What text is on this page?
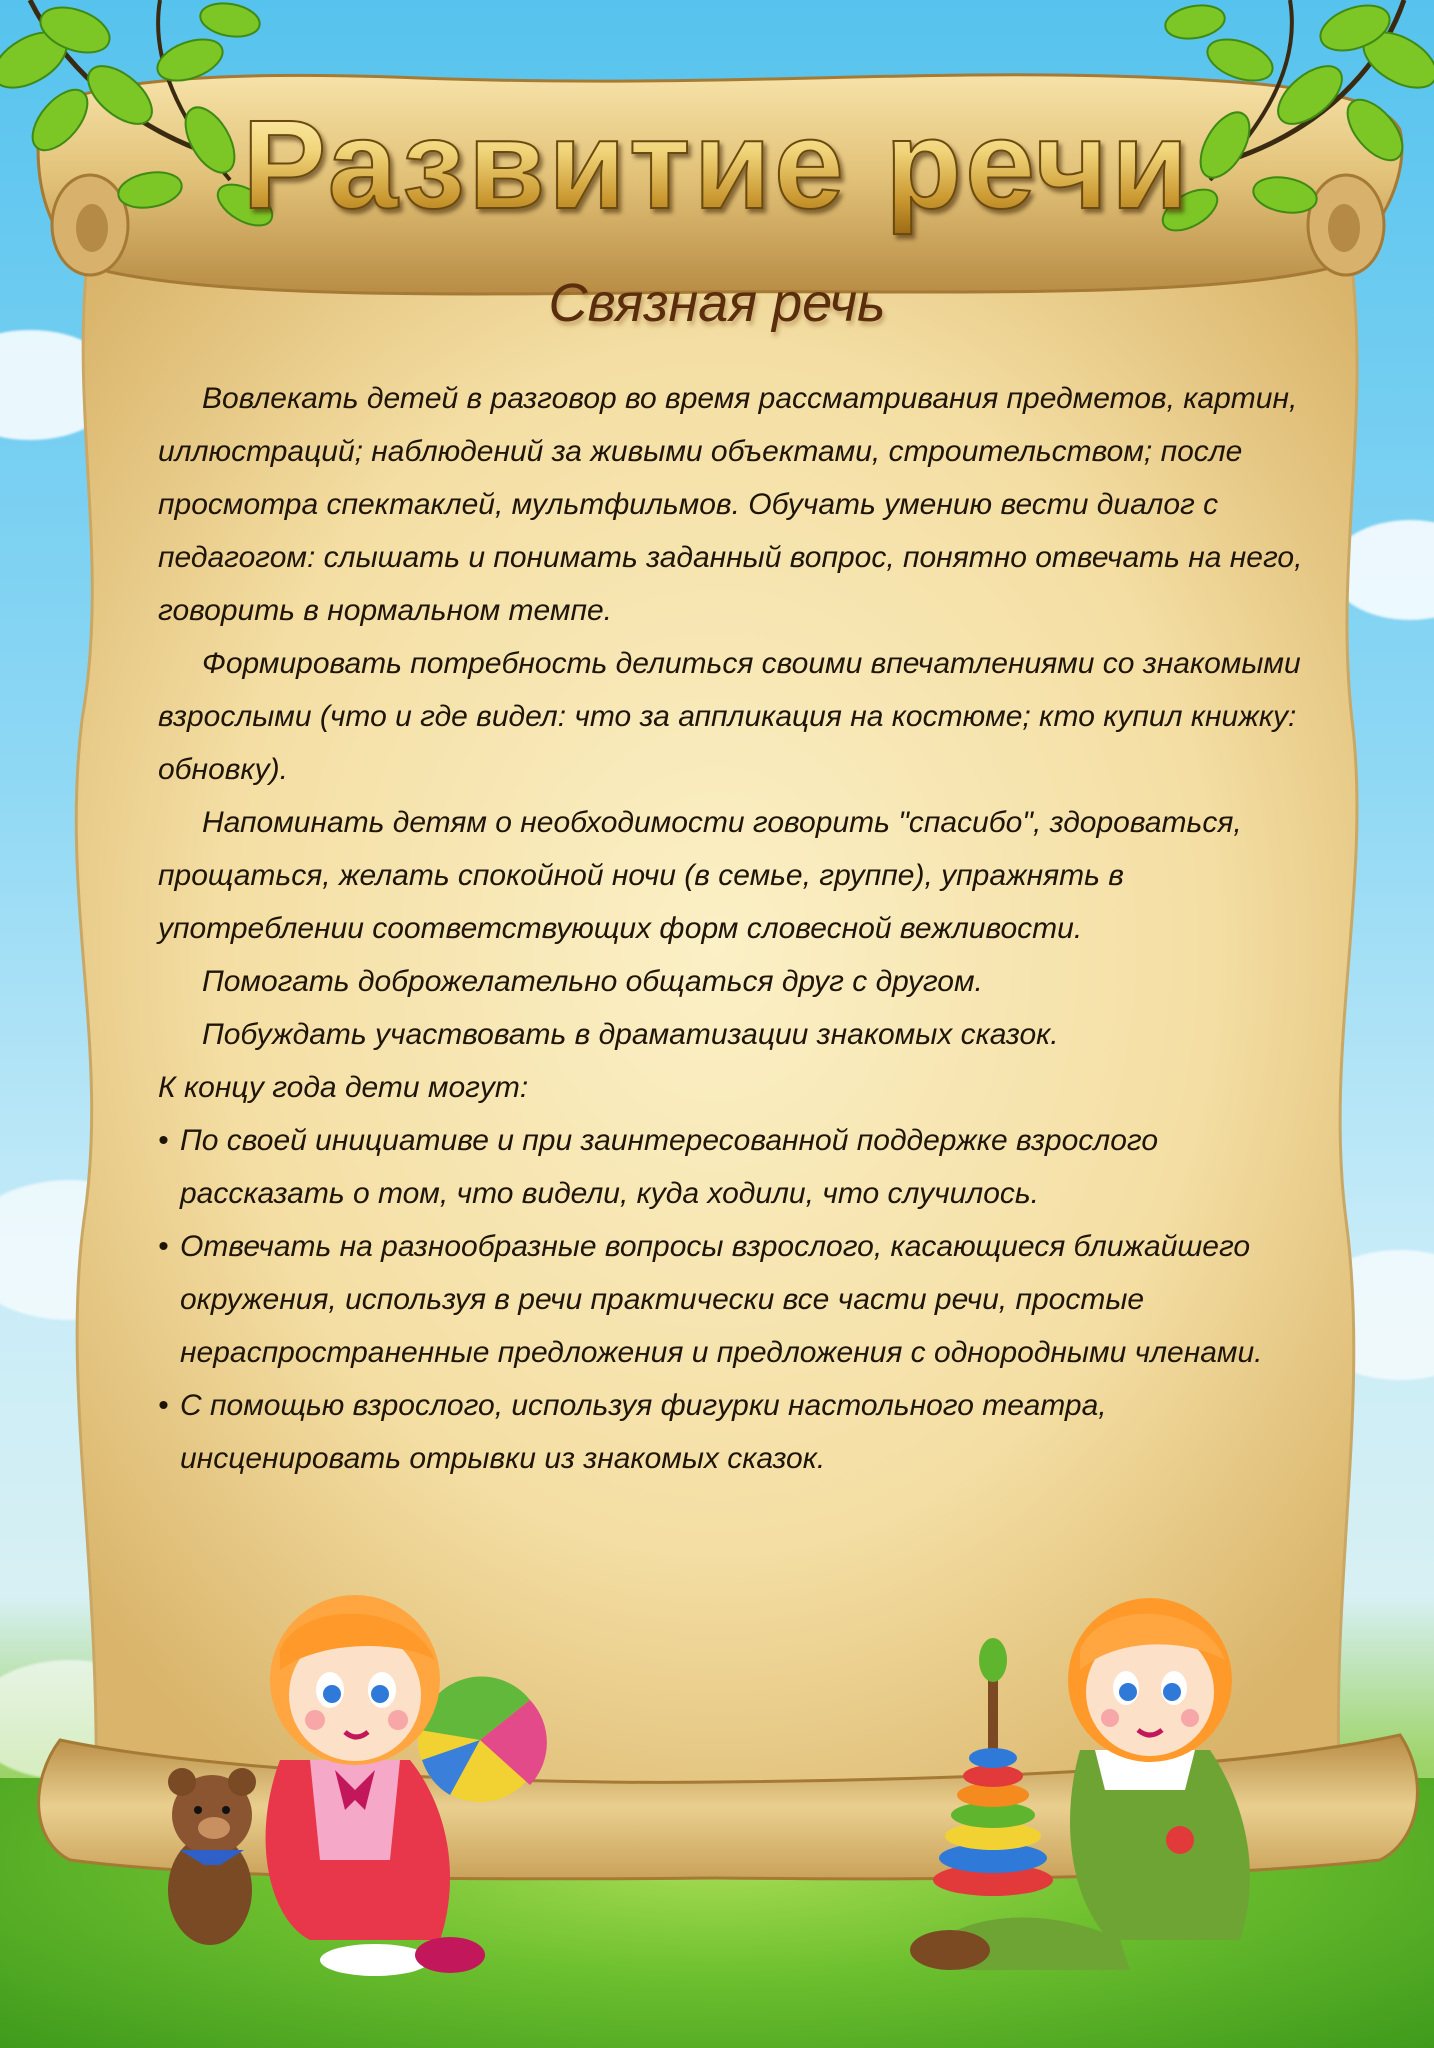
Развитие речи
Связная речь

Вовлекать детей в разговор во время рассматривания предметов, картин, иллюстраций; наблюдений за живыми объектами, строительством; после просмотра спектаклей, мультфильмов. Обучать умению вести диалог с педагогом: слышать и понимать заданный вопрос, понятно отвечать на него, говорить в нормальном темпе.

Формировать потребность делиться своими впечатлениями со знакомыми взрослыми (что и где видел: что за аппликация на костюме; кто купил книжку: обновку).

Напоминать детям о необходимости говорить "спасибо", здороваться, прощаться, желать спокойной ночи (в семье, группе), упражнять в употреблении соответствующих форм словесной вежливости.

Помогать доброжелательно общаться друг с другом.

Побуждать участвовать в драматизации знакомых сказок.

К концу года дети могут:

• По своей инициативе и при заинтересованной поддержке взрослого рассказать о том, что видели, куда ходили, что случилось.

• Отвечать на разнообразные вопросы взрослого, касающиеся ближайшего окружения, используя в речи практически все части речи, простые нераспространенные предложения и предложения с однородными членами.

• С помощью взрослого, используя фигурки настольного театра, инсценировать отрывки из знакомых сказок.
